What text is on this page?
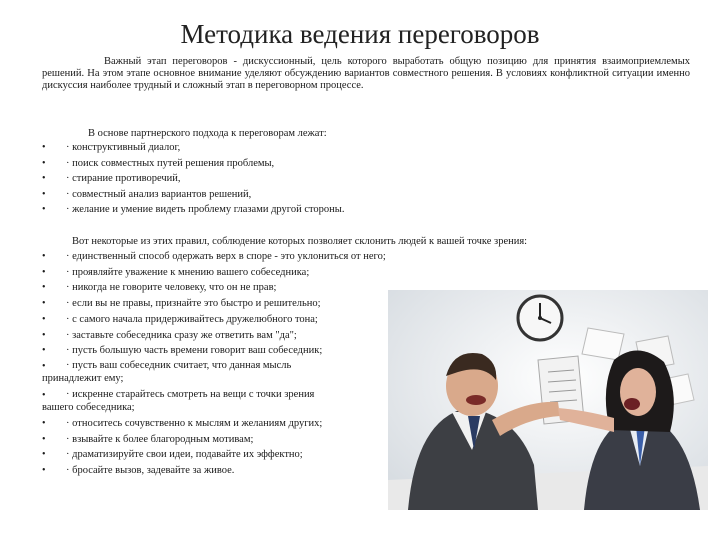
Методика ведения переговоров
Важный этап переговоров - дискуссионный, цель которого выработать общую позицию для принятия взаимоприемлемых решений. На этом этапе основное внимание уделяют обсуждению вариантов совместного решения. В условиях конфликтной ситуации именно дискуссия наиболее трудный и сложный этап в переговорном процессе.
В основе партнерского подхода к переговорам лежат:
•	· конструктивный диалог,
•	· поиск совместных путей решения проблемы,
•	· стирание противоречий,
•	· совместный анализ вариантов решений,
•	· желание и умение видеть проблему глазами другой стороны.
Вот некоторые из этих правил, соблюдение которых позволяет склонить людей к вашей точке зрения:
•	· единственный способ одержать верх в споре - это уклониться от него;
•	· проявляйте уважение к мнению вашего собеседника;
•	· никогда не говорите человеку, что он не прав;
•	· если вы не правы, признайте это быстро и решительно;
•	· с самого начала придерживайтесь дружелюбного тона;
•	· заставьте собеседника сразу же ответить вам "да";
•	· пусть большую часть времени говорит ваш собеседник;
•	· пусть ваш собеседник считает, что данная мысль принадлежит ему;
•	· искренне старайтесь смотреть на вещи с точки зрения вашего собеседника;
•	· относитесь сочувственно к мыслям и желаниям других;
•	· взывайте к более благородным мотивам;
•	· драматизируйте свои идеи, подавайте их эффектно;
•	· бросайте вызов, задевайте за живое.
